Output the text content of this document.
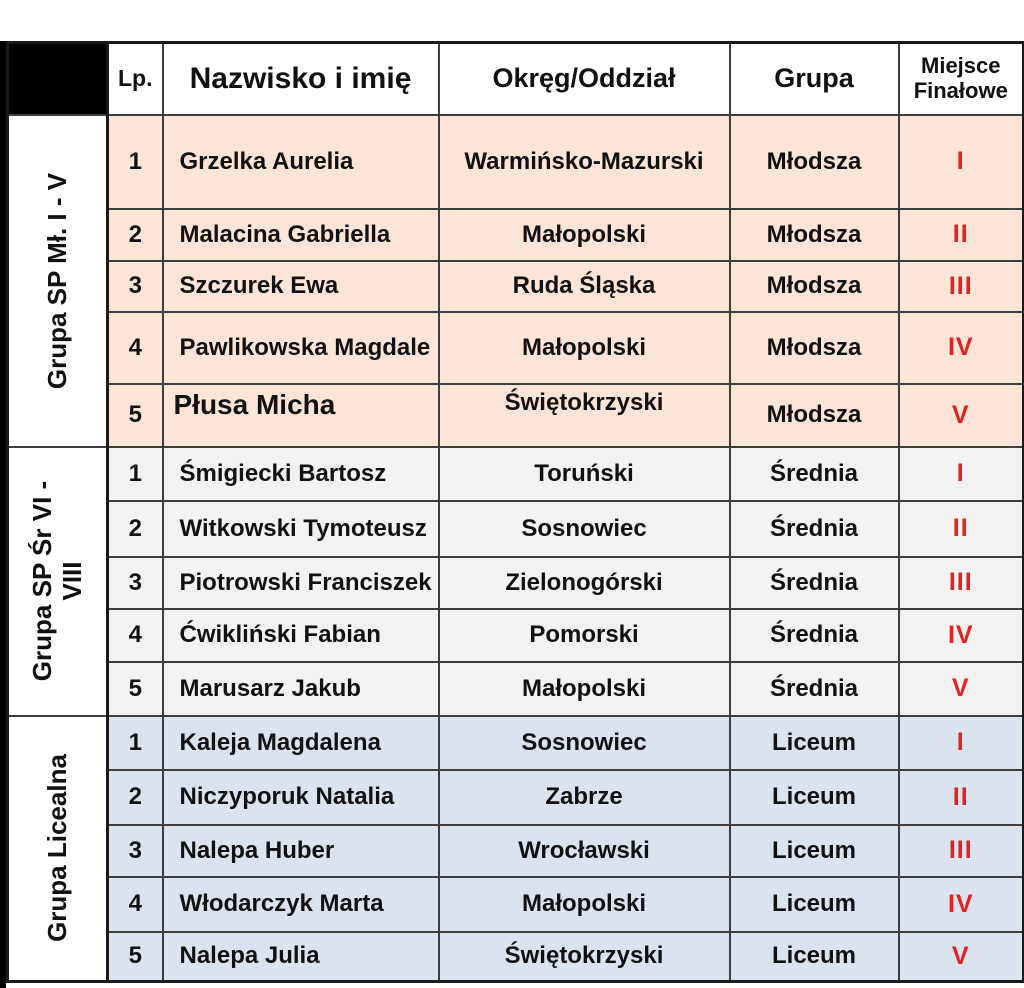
	Lp.	Nazwisko i imię	Okręg/Oddział	Grupa	Miejsce Finałowe

Grupa SP Mł. I - V	1	Grzelka Aurelia	Warmińsko-Mazurski	Młodsza	I
	2	Malacina Gabriella	Małopolski	Młodsza	II
	3	Szczurek Ewa	Ruda Śląska	Młodsza	III
	4	Pawlikowska Magdale	Małopolski	Młodsza	IV
	5	Płusa Micha	Świętokrzyski	Młodsza	V

Grupa SP Śr VI - VIII	1	Śmigiecki Bartosz	Toruński	Średnia	I
	2	Witkowski Tymoteusz	Sosnowiec	Średnia	II
	3	Piotrowski Franciszek	Zielonogórski	Średnia	III
	4	Ćwikliński Fabian	Pomorski	Średnia	IV
	5	Marusarz Jakub	Małopolski	Średnia	V

Grupa Licealna	1	Kaleja Magdalena	Sosnowiec	Liceum	I
	2	Niczyporuk Natalia	Zabrze	Liceum	II
	3	Nalepa Huber	Wrocławski	Liceum	III
	4	Włodarczyk Marta	Małopolski	Liceum	IV
	5	Nalepa Julia	Świętokrzyski	Liceum	V
